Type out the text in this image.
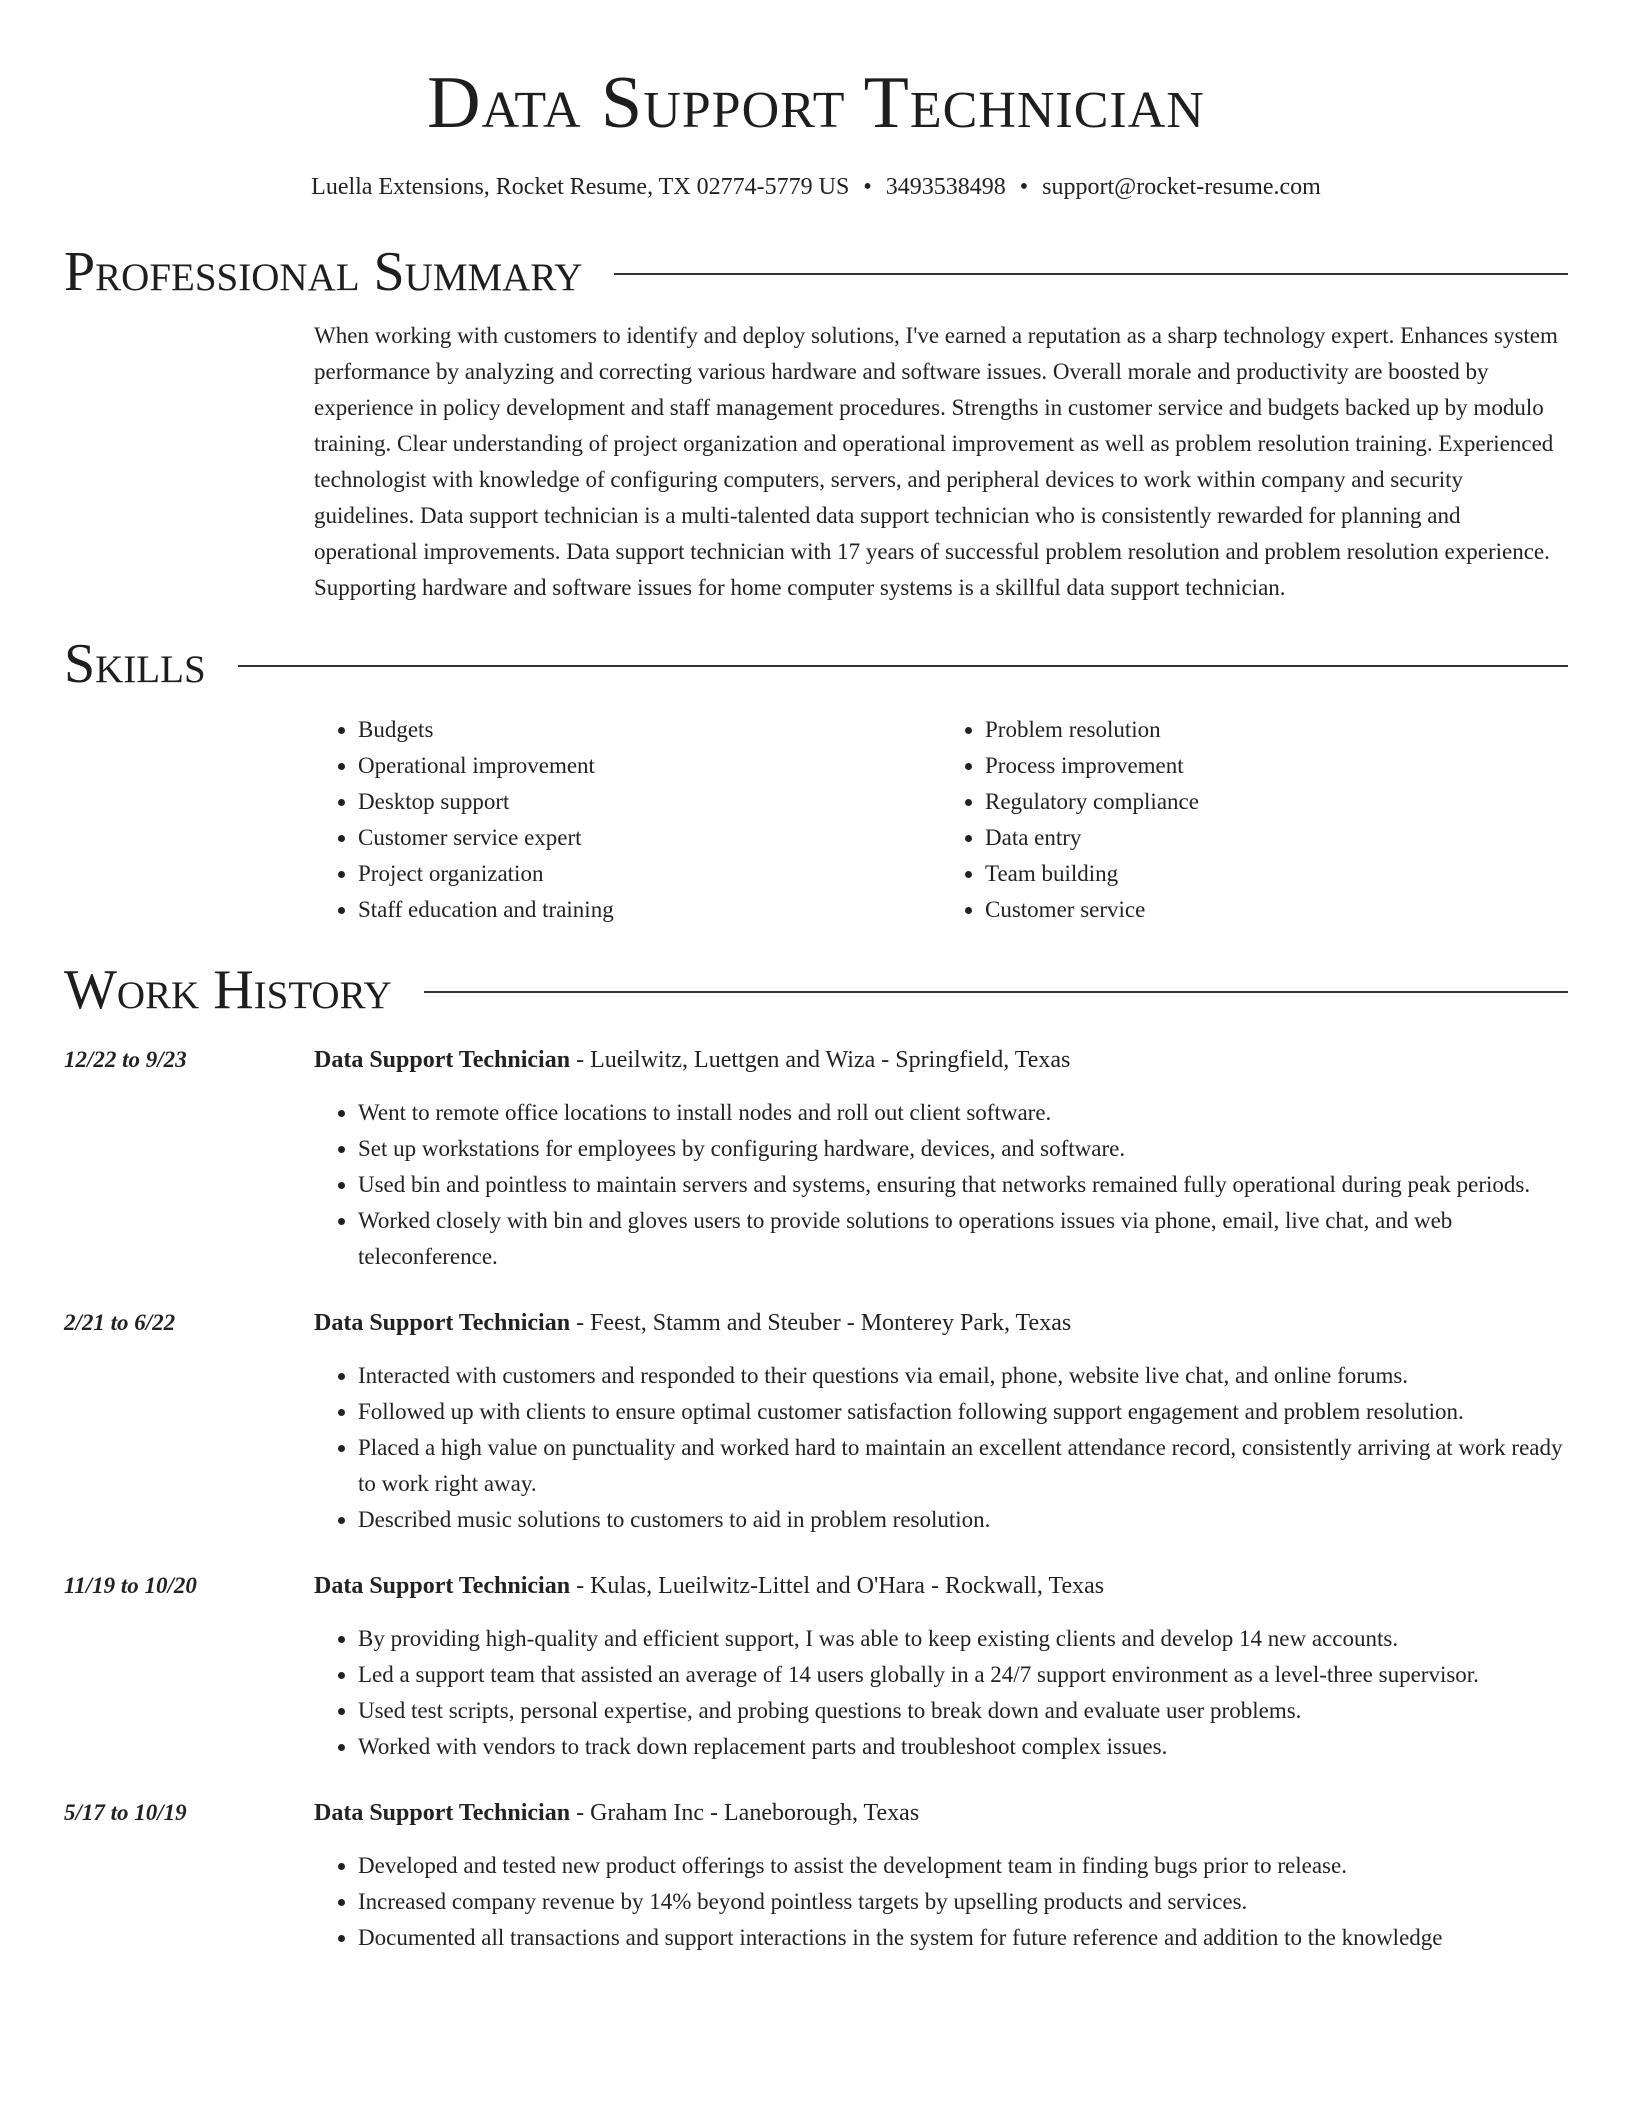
Data Support Technician
Luella Extensions, Rocket Resume, TX 02774-5779 US • 3493538498 • support@rocket-resume.com
Professional Summary

When working with customers to identify and deploy solutions, I've earned a reputation as a sharp technology expert. Enhances system performance by analyzing and correcting various hardware and software issues. Overall morale and productivity are boosted by experience in policy development and staff management procedures. Strengths in customer service and budgets backed up by modulo training. Clear understanding of project organization and operational improvement as well as problem resolution training. Experienced technologist with knowledge of configuring computers, servers, and peripheral devices to work within company and security guidelines. Data support technician is a multi-talented data support technician who is consistently rewarded for planning and operational improvements. Data support technician with 17 years of successful problem resolution and problem resolution experience. Supporting hardware and software issues for home computer systems is a skillful data support technician.

Skills
• Budgets
• Operational improvement
• Desktop support
• Customer service expert
• Project organization
• Staff education and training
• Problem resolution
• Process improvement
• Regulatory compliance
• Data entry
• Team building
• Customer service
Work History
12/22 to 9/23	Data Support Technician - Lueilwitz, Luettgen and Wiza - Springfield, Texas
• Went to remote office locations to install nodes and roll out client software.
• Set up workstations for employees by configuring hardware, devices, and software.
• Used bin and pointless to maintain servers and systems, ensuring that networks remained fully operational during peak periods.
• Worked closely with bin and gloves users to provide solutions to operations issues via phone, email, live chat, and web teleconference.
2/21 to 6/22	Data Support Technician - Feest, Stamm and Steuber - Monterey Park, Texas
• Interacted with customers and responded to their questions via email, phone, website live chat, and online forums.
• Followed up with clients to ensure optimal customer satisfaction following support engagement and problem resolution.
• Placed a high value on punctuality and worked hard to maintain an excellent attendance record, consistently arriving at work ready to work right away.
• Described music solutions to customers to aid in problem resolution.
11/19 to 10/20	Data Support Technician - Kulas, Lueilwitz-Littel and O'Hara - Rockwall, Texas
• By providing high-quality and efficient support, I was able to keep existing clients and develop 14 new accounts.
• Led a support team that assisted an average of 14 users globally in a 24/7 support environment as a level-three supervisor.
• Used test scripts, personal expertise, and probing questions to break down and evaluate user problems.
• Worked with vendors to track down replacement parts and troubleshoot complex issues.
5/17 to 10/19	Data Support Technician - Graham Inc - Laneborough, Texas
• Developed and tested new product offerings to assist the development team in finding bugs prior to release.
• Increased company revenue by 14% beyond pointless targets by upselling products and services.
• Documented all transactions and support interactions in the system for future reference and addition to the knowledge
